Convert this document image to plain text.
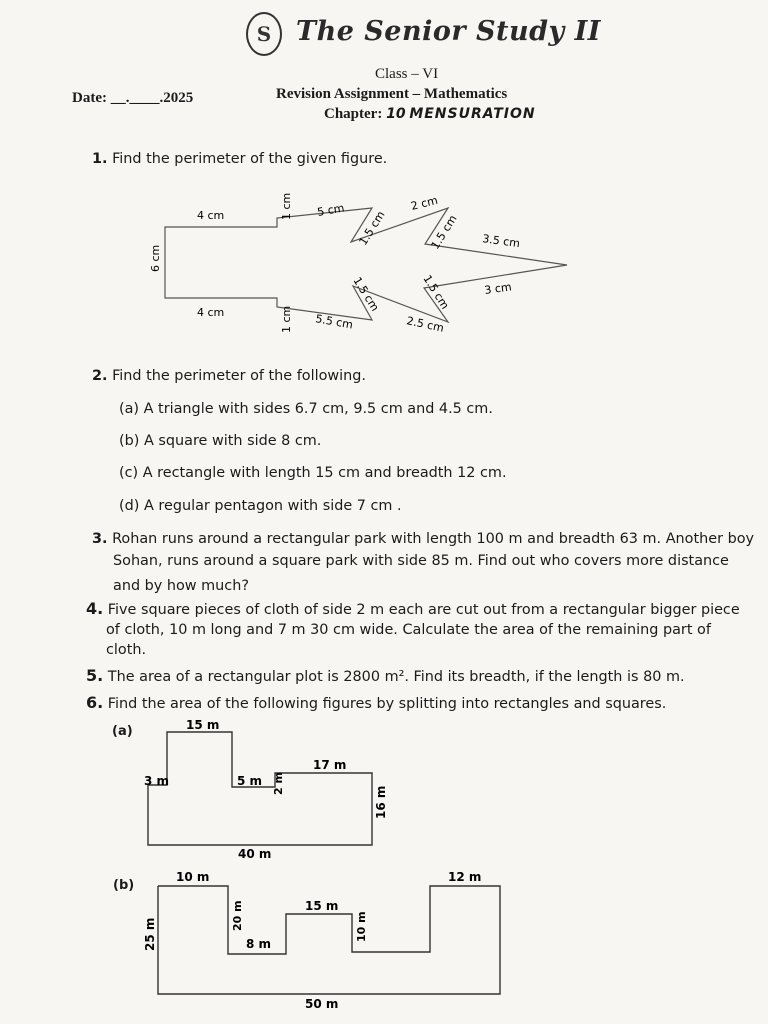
S The Senior Study II
Class – VI
Revision Assignment – Mathematics
Chapter: 10 MENSURATION
Date: __.____.2025
1. Find the perimeter of the given figure.
4 cm
4 cm
6 cm
1 cm
1 cm
5 cm 1.5 cm
2 cm
1.5 cm 3.5 cm
5.5 cm
1.5 cm
2.5 cm
1.5 cm	3 cm
2. Find the perimeter of the following.
(a) A triangle with sides 6.7 cm, 9.5 cm and 4.5 cm.
(b) A square with side 8 cm.
(c) A rectangle with length 15 cm and breadth 12 cm.
(d) A regular pentagon with side 7 cm .
3. Rohan runs around a rectangular park with length 100 m and breadth 63 m. Another boy
Sohan, runs around a square park with side 85 m. Find out who covers more distance
and by how much?
4. Five square pieces of cloth of side 2 m each are cut out from a rectangular bigger piece
of cloth, 10 m long and 7 m 30 cm wide. Calculate the area of the remaining part of
cloth.
5. The area of a rectangular plot is 2800 m². Find its breadth, if the length is 80 m.
6. Find the area of the following figures by splitting into rectangles and squares.
(a)	15 m
3 m	5 m 2 m
17 m
16 m
40 m
(b)
10 m	12 m
25 m
20 m
8 m
15 m
10 m
50 m
